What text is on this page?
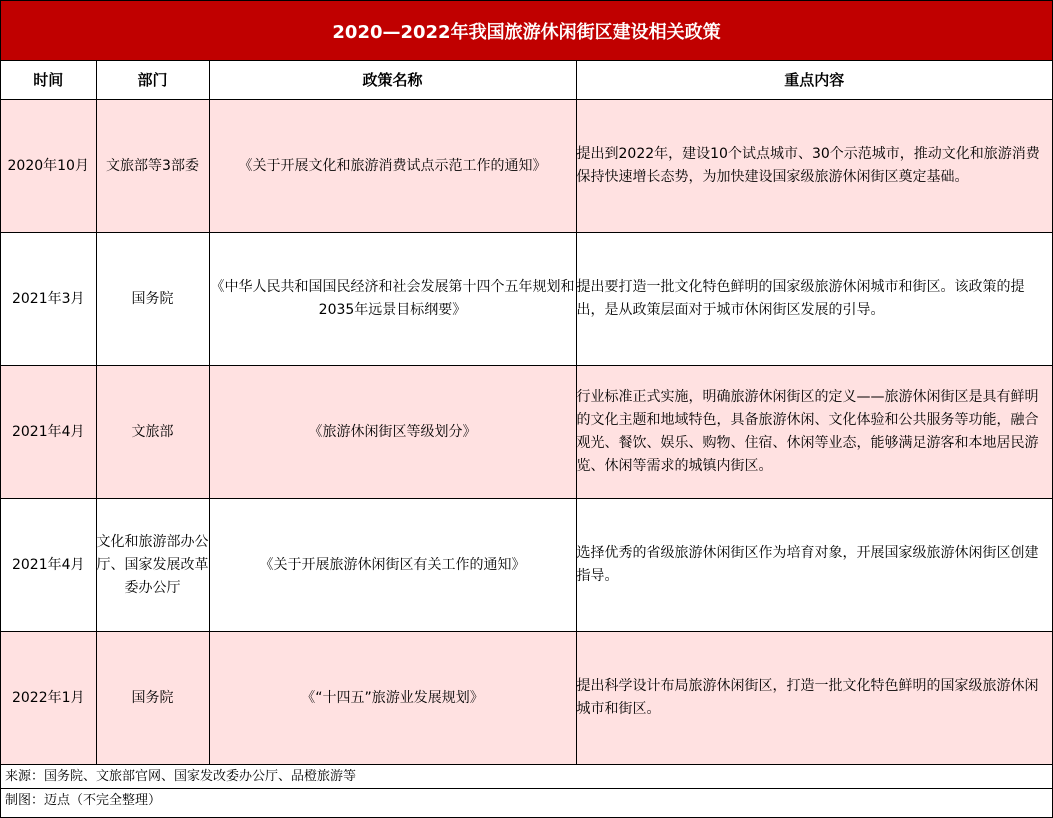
2020—2022年我国旅游休闲街区建设相关政策
时间	部门	政策名称	重点内容
2020年10月	文旅部等3部委	《关于开展文化和旅游消费试点示范工作的通知》	提出到2022年，建设10个试点城市、30个示范城市，推动文化和旅游消费保持快速增长态势，为加快建设国家级旅游休闲街区奠定基础。
2021年3月	国务院	《中华人民共和国国民经济和社会发展第十四个五年规划和2035年远景目标纲要》	提出要打造一批文化特色鲜明的国家级旅游休闲城市和街区。该政策的提出，是从政策层面对于城市休闲街区发展的引导。
2021年4月	文旅部	《旅游休闲街区等级划分》	行业标准正式实施，明确旅游休闲街区的定义——旅游休闲街区是具有鲜明的文化主题和地域特色，具备旅游休闲、文化体验和公共服务等功能，融合观光、餐饮、娱乐、购物、住宿、休闲等业态，能够满足游客和本地居民游览、休闲等需求的城镇内街区。
2021年4月	文化和旅游部办公厅、国家发展改革委办公厅	《关于开展旅游休闲街区有关工作的通知》	选择优秀的省级旅游休闲街区作为培育对象，开展国家级旅游休闲街区创建指导。
2022年1月	国务院	《“十四五”旅游业发展规划》	提出科学设计布局旅游休闲街区，打造一批文化特色鲜明的国家级旅游休闲城市和街区。
来源：国务院、文旅部官网、国家发改委办公厅、品橙旅游等
制图：迈点（不完全整理）
